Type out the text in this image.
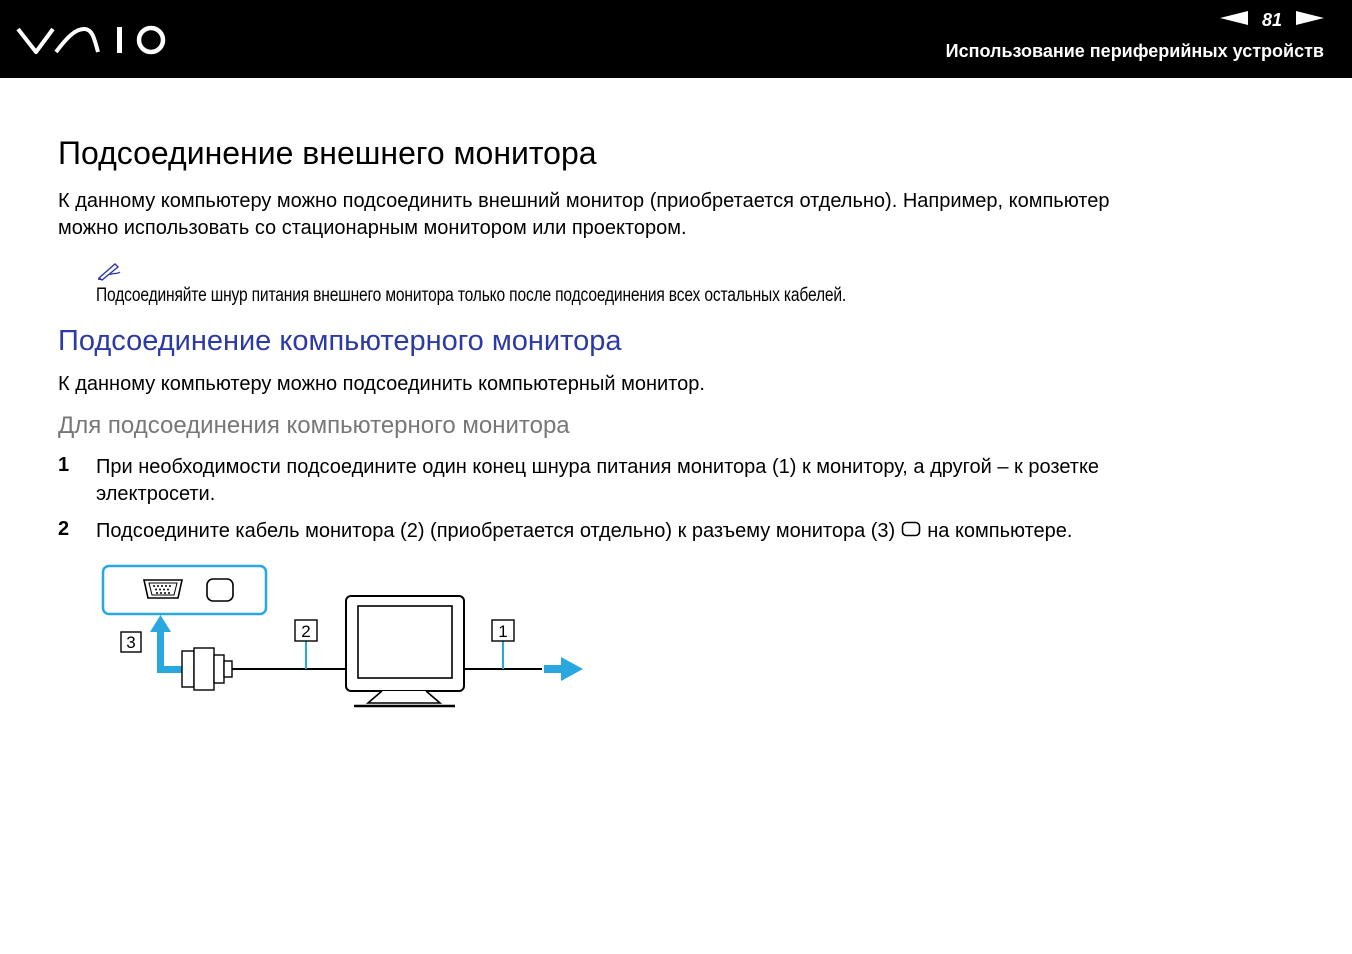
81
Использование периферийных устройств
Подсоединение внешнего монитора
К данному компьютеру можно подсоединить внешний монитор (приобретается отдельно). Например, компьютер
можно использовать со стационарным монитором или проектором.
Подсоединяйте шнур питания внешнего монитора только после подсоединения всех остальных кабелей.
Подсоединение компьютерного монитора
К данному компьютеру можно подсоединить компьютерный монитор.
Для подсоединения компьютерного монитора
1 При необходимости подсоедините один конец шнура питания монитора (1) к монитору, а другой – к розетке
электросети.
2 Подсоедините кабель монитора (2) (приобретается отдельно) к разъему монитора (3) на компьютере.
3
2	1
